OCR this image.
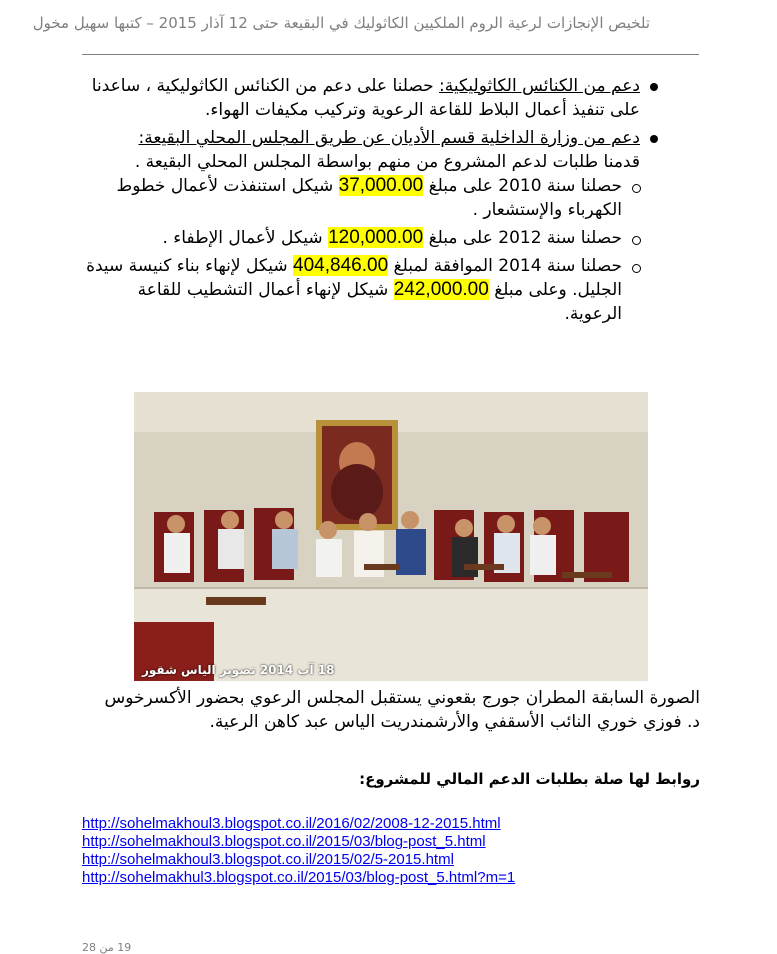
تلخيص الإنجازات لرعية الروم الملكيين الكاثوليك في البقيعة حتى 12 آذار 2015 – كتبها سهيل مخول
دعم من الكنائس الكاثوليكية: حصلنا على دعم من الكنائس الكاثوليكية ، ساعدنا على تنفيذ أعمال البلاط للقاعة الرعوية وتركيب مكيفات الهواء.
دعم من وزارة الداخلية قسم الأديان عن طريق المجلس المحلي البقيعة:
قدمنا طلبات لدعم المشروع من منهم بواسطة المجلس المحلي البقيعة .
حصلنا سنة 2010 على مبلغ 37,000.00 شيكل استنفذت لأعمال خطوط الكهرباء والإستشعار .
حصلنا سنة 2012 على مبلغ 120,000.00 شيكل لأعمال الإطفاء .
حصلنا سنة 2014 الموافقة لمبلغ 404,846.00 شيكل لإنهاء بناء كنيسة سيدة الجليل. وعلى مبلغ 242,000.00 شيكل لإنهاء أعمال التشطيب للقاعة الرعوية.
18 آب 2014 تصوير الياس شقور
الصورة السابقة المطران جورج بقعوني يستقبل المجلس الرعوي بحضور الأكسرخوس د. فوزي خوري النائب الأسقفي والأرشمندريت الياس عبد كاهن الرعية.
روابط لها صلة بطلبات الدعم المالي للمشروع:
http://sohelmakhoul3.blogspot.co.il/2016/02/2008-12-2015.html
http://sohelmakhoul3.blogspot.co.il/2015/03/blog-post_5.html
http://sohelmakhoul3.blogspot.co.il/2015/02/5-2015.html
http://sohelmakhul3.blogspot.co.il/2015/03/blog-post_5.html?m=1
19 من 28
